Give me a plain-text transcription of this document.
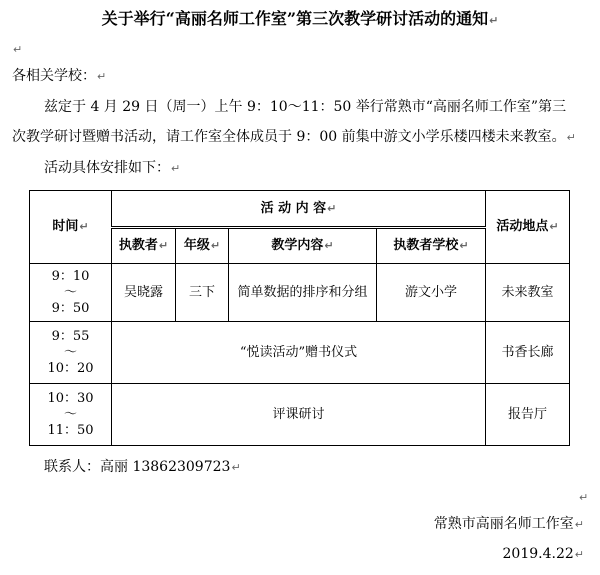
关于举行“高丽名师工作室”第三次教学研讨活动的通知↵
↵
各相关学校：↵
兹定于 4 月 29 日（周一）上午 9：10～11：50 举行常熟市“高丽名师工作室”第三
次教学研讨暨赠书活动，请工作室全体成员于 9：00 前集中游文小学乐楼四楼未来教室。↵
活动具体安排如下：↵
时间↵	活 动 内 容↵				活动地点↵
	执教者↵	年级↵	教学内容↵	执教者学校↵	

9：10
～
9：50	吴晓露	三下	简单数据的排序和分组	游文小学	未来教室

9：55
～
10：20	“悦读活动”赠书仪式				书香长廊

10：30
～
11：50	评课研讨				报告厅
联系人：高丽 13862309723↵
↵
常熟市高丽名师工作室↵
2019.4.22↵
